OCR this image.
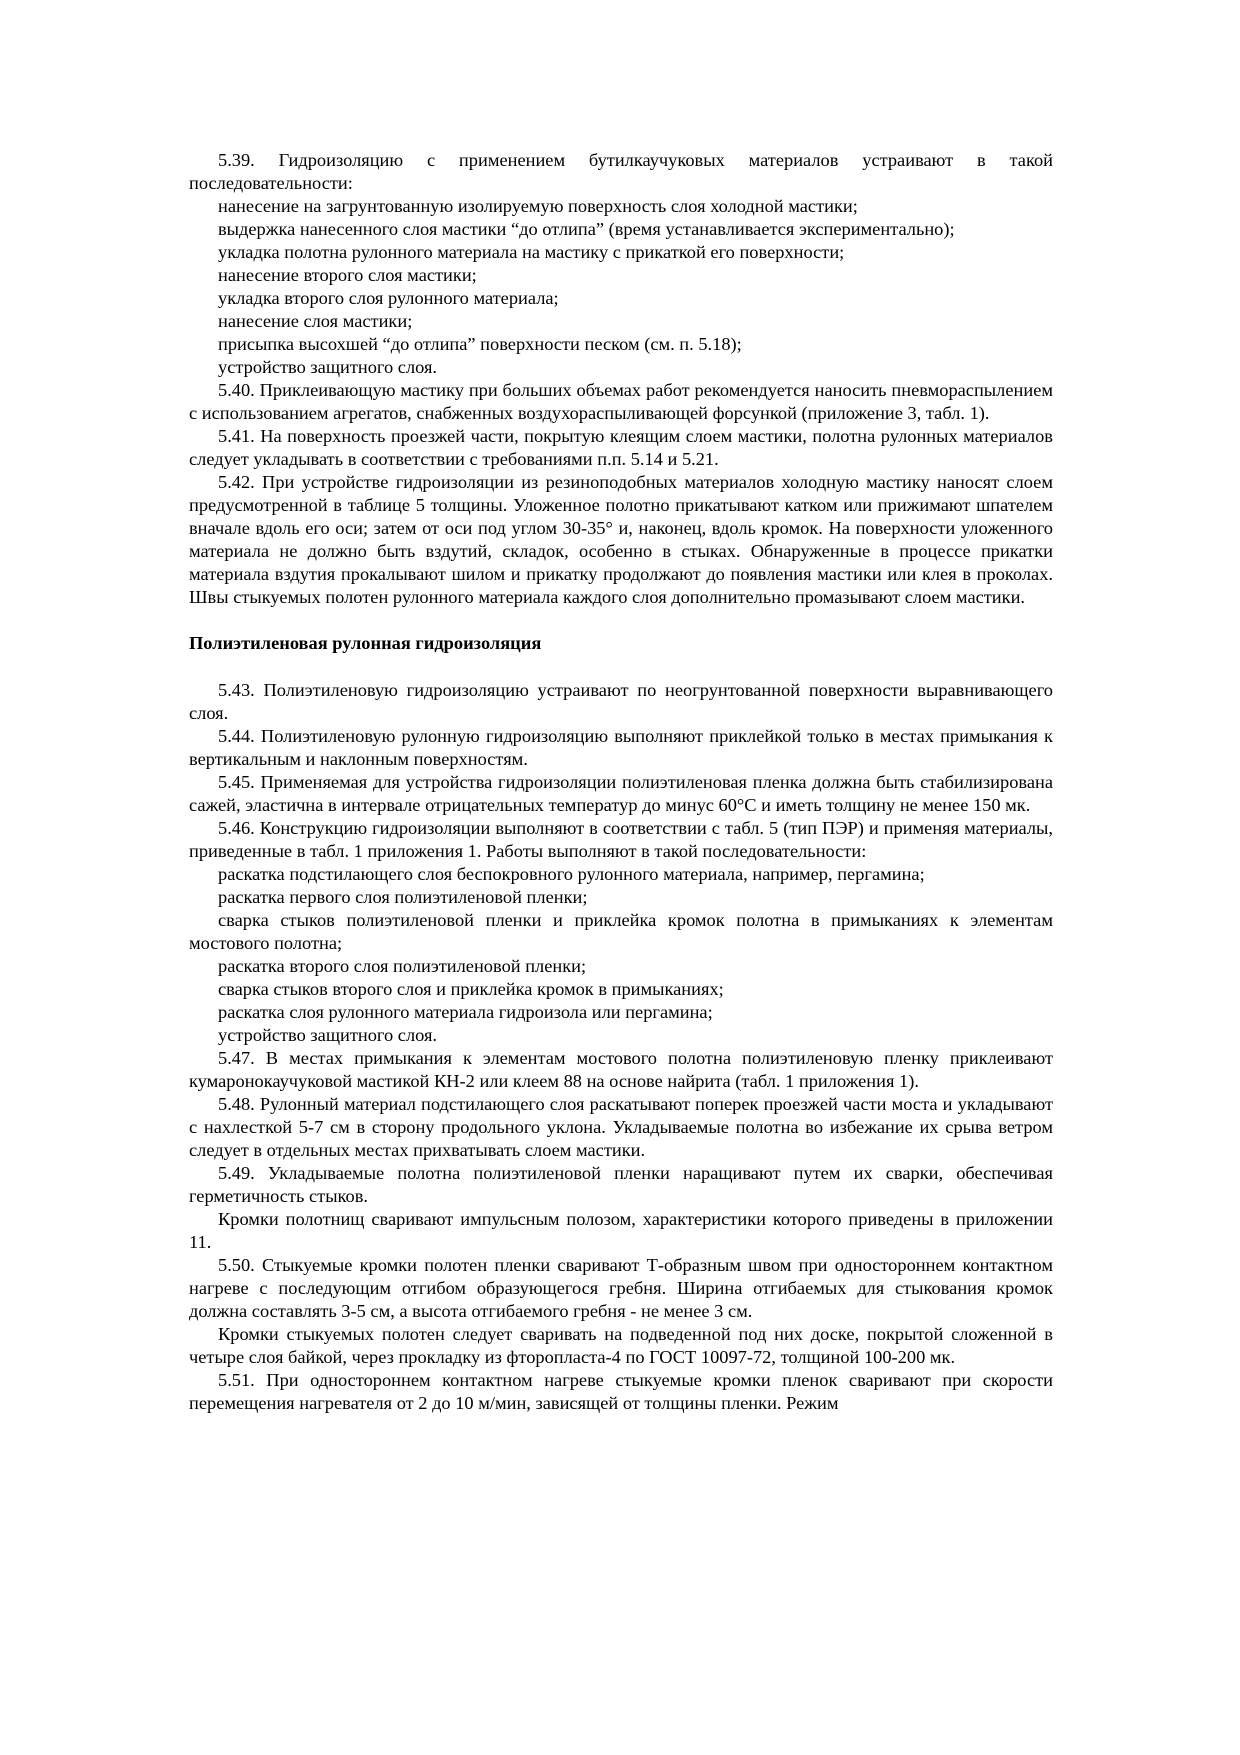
5.39. Гидроизоляцию с применением бутилкаучуковых материалов устраивают в такой последовательности:

нанесение на загрунтованную изолируемую поверхность слоя холодной мастики;

выдержка нанесенного слоя мастики “до отлипа” (время устанавливается экспериментально);

укладка полотна рулонного материала на мастику с прикаткой его поверхности;

нанесение второго слоя мастики;

укладка второго слоя рулонного материала;

нанесение слоя мастики;

присыпка высохшей “до отлипа” поверхности песком (см. п. 5.18);

устройство защитного слоя.

5.40. Приклеивающую мастику при больших объемах работ рекомендуется наносить пневмораспылением с использованием агрегатов, снабженных воздухораспыливающей форсункой (приложение 3, табл. 1).

5.41. На поверхность проезжей части, покрытую клеящим слоем мастики, полотна рулонных материалов следует укладывать в соответствии с требованиями п.п. 5.14 и 5.21.

5.42. При устройстве гидроизоляции из резиноподобных материалов холодную мастику наносят слоем предусмотренной в таблице 5 толщины. Уложенное полотно прикатывают катком или прижимают шпателем вначале вдоль его оси; затем от оси под углом 30-35° и, наконец, вдоль кромок. На поверхности уложенного материала не должно быть вздутий, складок, особенно в стыках. Обнаруженные в процессе прикатки материала вздутия прокалывают шилом и прикатку продолжают до появления мастики или клея в проколах. Швы стыкуемых полотен рулонного материала каждого слоя дополнительно промазывают слоем мастики.

Полиэтиленовая рулонная гидроизоляция

5.43. Полиэтиленовую гидроизоляцию устраивают по неогрунтованной поверхности выравнивающего слоя.

5.44. Полиэтиленовую рулонную гидроизоляцию выполняют приклейкой только в местах примыкания к вертикальным и наклонным поверхностям.

5.45. Применяемая для устройства гидроизоляции полиэтиленовая пленка должна быть стабилизирована сажей, эластична в интервале отрицательных температур до минус 60°С и иметь толщину не менее 150 мк.

5.46. Конструкцию гидроизоляции выполняют в соответствии с табл. 5 (тип ПЭР) и применяя материалы, приведенные в табл. 1 приложения 1. Работы выполняют в такой последовательности:

раскатка подстилающего слоя беспокровного рулонного материала, например, пергамина;

раскатка первого слоя полиэтиленовой пленки;

сварка стыков полиэтиленовой пленки и приклейка кромок полотна в примыканиях к элементам мостового полотна;

раскатка второго слоя полиэтиленовой пленки;

сварка стыков второго слоя и приклейка кромок в примыканиях;

раскатка слоя рулонного материала гидроизола или пергамина;

устройство защитного слоя.

5.47. В местах примыкания к элементам мостового полотна полиэтиленовую пленку приклеивают кумаронокаучуковой мастикой КН-2 или клеем 88 на основе найрита (табл. 1 приложения 1).

5.48. Рулонный материал подстилающего слоя раскатывают поперек проезжей части моста и укладывают с нахлесткой 5-7 см в сторону продольного уклона. Укладываемые полотна во избежание их срыва ветром следует в отдельных местах прихватывать слоем мастики.

5.49. Укладываемые полотна полиэтиленовой пленки наращивают путем их сварки, обеспечивая герметичность стыков.

Кромки полотнищ сваривают импульсным полозом, характеристики которого приведены в приложении 11.

5.50. Стыкуемые кромки полотен пленки сваривают Т-образным швом при одностороннем контактном нагреве с последующим отгибом образующегося гребня. Ширина отгибаемых для стыкования кромок должна составлять 3-5 см, а высота отгибаемого гребня - не менее 3 см.

Кромки стыкуемых полотен следует сваривать на подведенной под них доске, покрытой сложенной в четыре слоя байкой, через прокладку из фторопласта-4 по ГОСТ 10097-72, толщиной 100-200 мк.

5.51. При одностороннем контактном нагреве стыкуемые кромки пленок сваривают при скорости перемещения нагревателя от 2 до 10 м/мин, зависящей от толщины пленки. Режим
